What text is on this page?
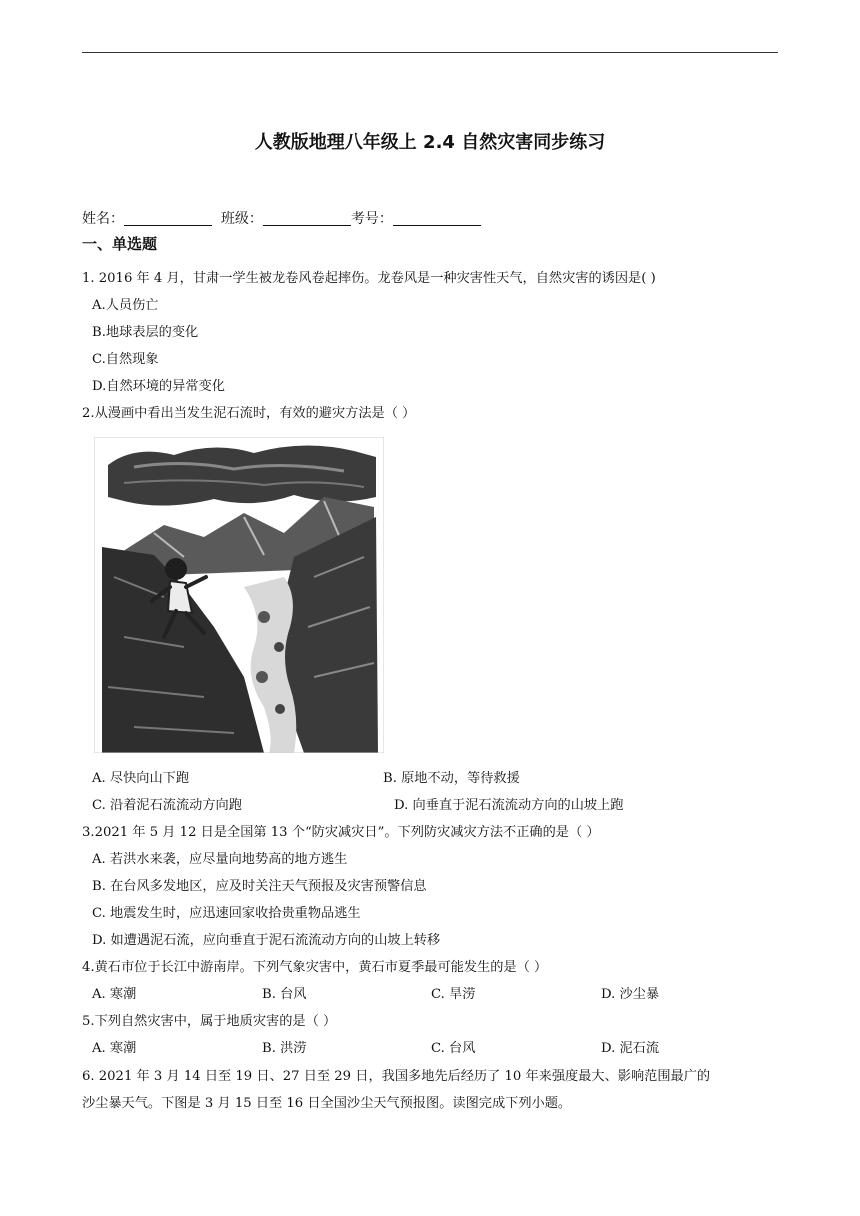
人教版地理八年级上 2.4 自然灾害同步练习
姓名：	班级：	考号：
一、单选题
1. 2016 年 4 月，甘肃一学生被龙卷风卷起摔伤。龙卷风是一种灾害性天气，自然灾害的诱因是( )
A.人员伤亡
B.地球表层的变化
C.自然现象
D.自然环境的异常变化
2.从漫画中看出当发生泥石流时，有效的避灾方法是（ ）
A. 尽快向山下跑	B. 原地不动，等待救援
C. 沿着泥石流流动方向跑	D. 向垂直于泥石流流动方向的山坡上跑
3.2021 年 5 月 12 日是全国第 13 个“防灾减灾日”。下列防灾减灾方法不正确的是（ ）
A. 若洪水来袭，应尽量向地势高的地方逃生
B. 在台风多发地区，应及时关注天气预报及灾害预警信息
C. 地震发生时，应迅速回家收拾贵重物品逃生
D. 如遭遇泥石流，应向垂直于泥石流流动方向的山坡上转移
4.黄石市位于长江中游南岸。下列气象灾害中，黄石市夏季最可能发生的是（ ）
A. 寒潮	B. 台风	C. 旱涝	D. 沙尘暴
5.下列自然灾害中，属于地质灾害的是（ ）
A. 寒潮	B. 洪涝	C. 台风	D. 泥石流
6. 2021 年 3 月 14 日至 19 日、27 日至 29 日，我国多地先后经历了 10 年来强度最大、影响范围最广的
沙尘暴天气。下图是 3 月 15 日至 16 日全国沙尘天气预报图。读图完成下列小题。
